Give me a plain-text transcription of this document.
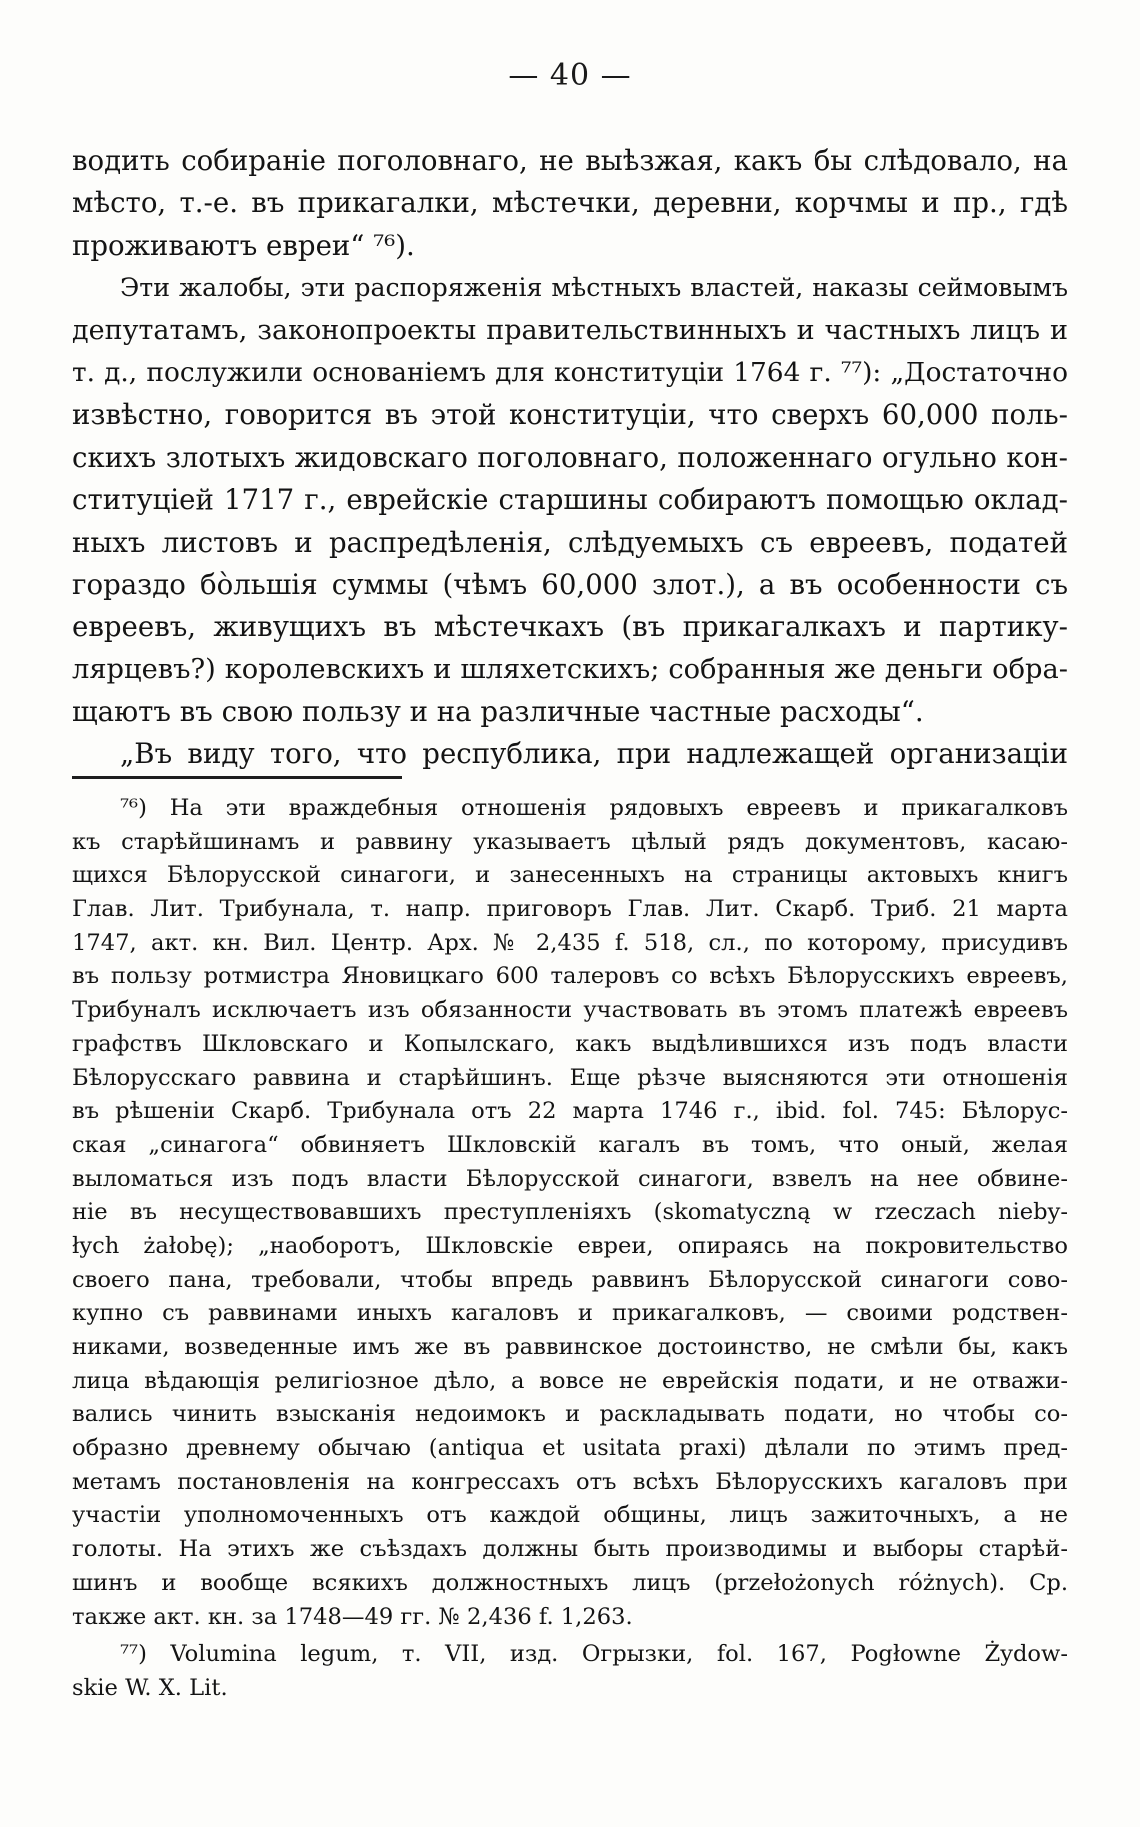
— 40 —
водить собираніе поголовнаго, не выѣзжая, какъ бы слѣдовало, на
мѣсто, т.-е. въ прикагалки, мѣстечки, деревни, корчмы и пр., гдѣ
проживаютъ евреи“ ⁷⁶).
Эти жалобы, эти распоряженія мѣстныхъ властей, наказы сеймовымъ
депутатамъ, законопроекты правительствинныхъ и частныхъ лицъ и
т. д., послужили основаніемъ для конституціи 1764 г. ⁷⁷): „Достаточно
извѣстно, говорится въ этой конституціи, что сверхъ 60,000 поль-
скихъ злотыхъ жидовскаго поголовнаго, положеннаго огульно кон-
ституціей 1717 г., еврейскіе старшины собираютъ помощью оклад-
ныхъ листовъ и распредѣленія, слѣдуемыхъ съ евреевъ, податей
гораздо бо̀льшія суммы (чѣмъ 60,000 злот.), а въ особенности съ
евреевъ, живущихъ въ мѣстечкахъ (въ прикагалкахъ и партику-
лярцевъ?) королевскихъ и шляхетскихъ; собранныя же деньги обра-
щаютъ въ свою пользу и на различные частные расходы“.
„Въ виду того, что республика, при надлежащей организаціи
⁷⁶) На эти враждебныя отношенія рядовыхъ евреевъ и прикагалковъ
къ старѣйшинамъ и раввину указываетъ цѣлый рядъ документовъ, касаю-
щихся Бѣлорусской синагоги, и занесенныхъ на страницы актовыхъ книгъ
Глав. Лит. Трибунала, т. напр. приговоръ Глав. Лит. Скарб. Триб. 21 марта
1747, акт. кн. Вил. Центр. Арх. № 2,435 f. 518, сл., по которому, присудивъ
въ пользу ротмистра Яновицкаго 600 талеровъ со всѣхъ Бѣлорусскихъ евреевъ,
Трибуналъ исключаетъ изъ обязанности участвовать въ этомъ платежѣ евреевъ
графствъ Шкловскаго и Копылскаго, какъ выдѣлившихся изъ подъ власти
Бѣлорусскаго раввина и старѣйшинъ. Еще рѣзче выясняются эти отношенія
въ рѣшеніи Скарб. Трибунала отъ 22 марта 1746 г., ibid. fol. 745: Бѣлорус-
ская „синагога“ обвиняетъ Шкловскій кагалъ въ томъ, что оный, желая
выломаться изъ подъ власти Бѣлорусской синагоги, взвелъ на нее обвине-
ніе въ несуществовавшихъ преступленіяхъ (skomatyczną w rzeczach nieby-
łych żałobę); „наоборотъ, Шкловскіе евреи, опираясь на покровительство
своего пана, требовали, чтобы впредь раввинъ Бѣлорусской синагоги сово-
купно съ раввинами иныхъ кагаловъ и прикагалковъ, — своими родствен-
никами, возведенные имъ же въ раввинское достоинство, не смѣли бы, какъ
лица вѣдающія религіозное дѣло, а вовсе не еврейскія подати, и не отважи-
вались чинить взысканія недоимокъ и раскладывать подати, но чтобы со-
образно древнему обычаю (antiqua et usitata praxi) дѣлали по этимъ пред-
метамъ постановленія на конгрессахъ отъ всѣхъ Бѣлорусскихъ кагаловъ при
участіи уполномоченныхъ отъ каждой общины, лицъ зажиточныхъ, а не
голоты. На этихъ же съѣздахъ должны быть производимы и выборы старѣй-
шинъ и вообще всякихъ должностныхъ лицъ (przełożonych różnych). Ср.
также акт. кн. за 1748—49 гг. № 2,436 f. 1,263.
⁷⁷) Volumina legum, т. VII, изд. Огрызки, fol. 167, Pogłowne Żydow-
skie W. X. Lit.
